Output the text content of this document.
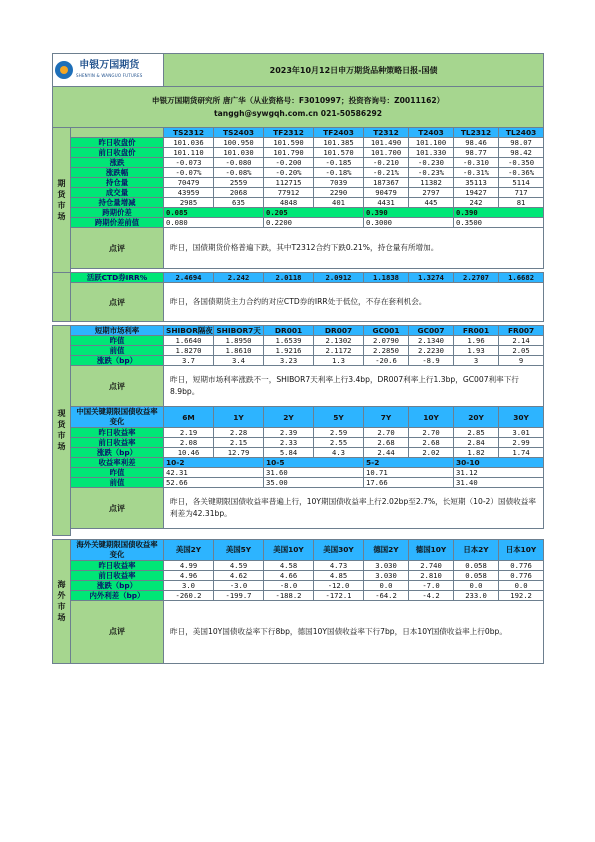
申银万国期货
SHENYIN & WANGUO FUTURES		2023年10月12日申万期货品种策略日报-国债							

申银万国期货研究所 唐广华（从业资格号：F3010997；投资咨询号：Z0011162）
tanggh@sywgqh.com.cn 021-50586292									

期货市场		TS2312	TS2403	TF2312	TF2403	T2312	T2403	TL2312	TL2403
	昨日收盘价	101.036	100.950	101.590	101.385	101.490	101.100	98.46	98.07
	前日收盘价	101.110	101.030	101.790	101.570	101.700	101.330	98.77	98.42
	涨跌	-0.073	-0.080	-0.200	-0.185	-0.210	-0.230	-0.310	-0.350
	涨跌幅	-0.07%	-0.08%	-0.20%	-0.18%	-0.21%	-0.23%	-0.31%	-0.36%
	持仓量	70479	2559	112715	7039	187367	11382	35113	5114
	成交量	43959	2068	77912	2290	90479	2797	19427	717
	持仓量增减	2985	635	4848	401	4431	445	242	81
	跨期价差	0.085		0.205		0.390		0.390	
	跨期价差前值	0.080		0.2200		0.3000		0.3500	
	点评	昨日，国债期货价格普遍下跌，其中T2312合约下跌0.21%，持仓量有所增加。							

	活跃CTD券IRR%	2.4694	2.242	2.0118	2.0912	1.1838	1.3274	2.2707	1.6682
	点评	昨日，各国债期货主力合约的对应CTD券的IRR处于低位，不存在套利机会。							

现货市场	短期市场利率	SHIBOR隔夜	SHIBOR7天	DR001	DR007	GC001	GC007	FR001	FR007
	昨值	1.6640	1.8950	1.6539	2.1302	2.0790	2.1340	1.96	2.14
	前值	1.8270	1.8610	1.9216	2.1172	2.2850	2.2230	1.93	2.05
	涨跌（bp）	3.7	3.4	3.23	1.3	-20.6	-8.9	3	9
	点评	昨日，短期市场利率涨跌不一，SHIBOR7天利率上行3.4bp，DR007利率上行1.3bp，GC007利率下行8.9bp。							
	中国关键期限国债收益率变化	6M	1Y	2Y	5Y	7Y	10Y	20Y	30Y
	昨日收益率	2.19	2.28	2.39	2.59	2.70	2.70	2.85	3.01
	前日收益率	2.08	2.15	2.33	2.55	2.68	2.68	2.84	2.99
	涨跌（bp）	10.46	12.79	5.84	4.3	2.44	2.02	1.82	1.74
	收益率利差	10-2		10-5		5-2		30-10	
	昨值	42.31		31.60		10.71		31.12	
	前值	52.66		35.00		17.66		31.40	
	点评	昨日，各关键期限国债收益率普遍上行，10Y期国债收益率上行2.02bp至2.7%，长短期（10-2）国债收益率利差为42.31bp。							

海外市场	海外关键期限国债收益率变化	美国2Y	美国5Y	美国10Y	美国30Y	德国2Y	德国10Y	日本2Y	日本10Y
	昨日收益率	4.99	4.59	4.58	4.73	3.030	2.740	0.058	0.776
	前日收益率	4.96	4.62	4.66	4.85	3.030	2.810	0.058	0.776
	涨跌（bp）	3.0	-3.0	-8.0	-12.0	0.0	-7.0	0.0	0.0
	内外利差（bp）	-260.2	-199.7	-188.2	-172.1	-64.2	-4.2	233.0	192.2
	点评	昨日，美国10Y国债收益率下行8bp，德国10Y国债收益率下行7bp，日本10Y国债收益率上行0bp。							
